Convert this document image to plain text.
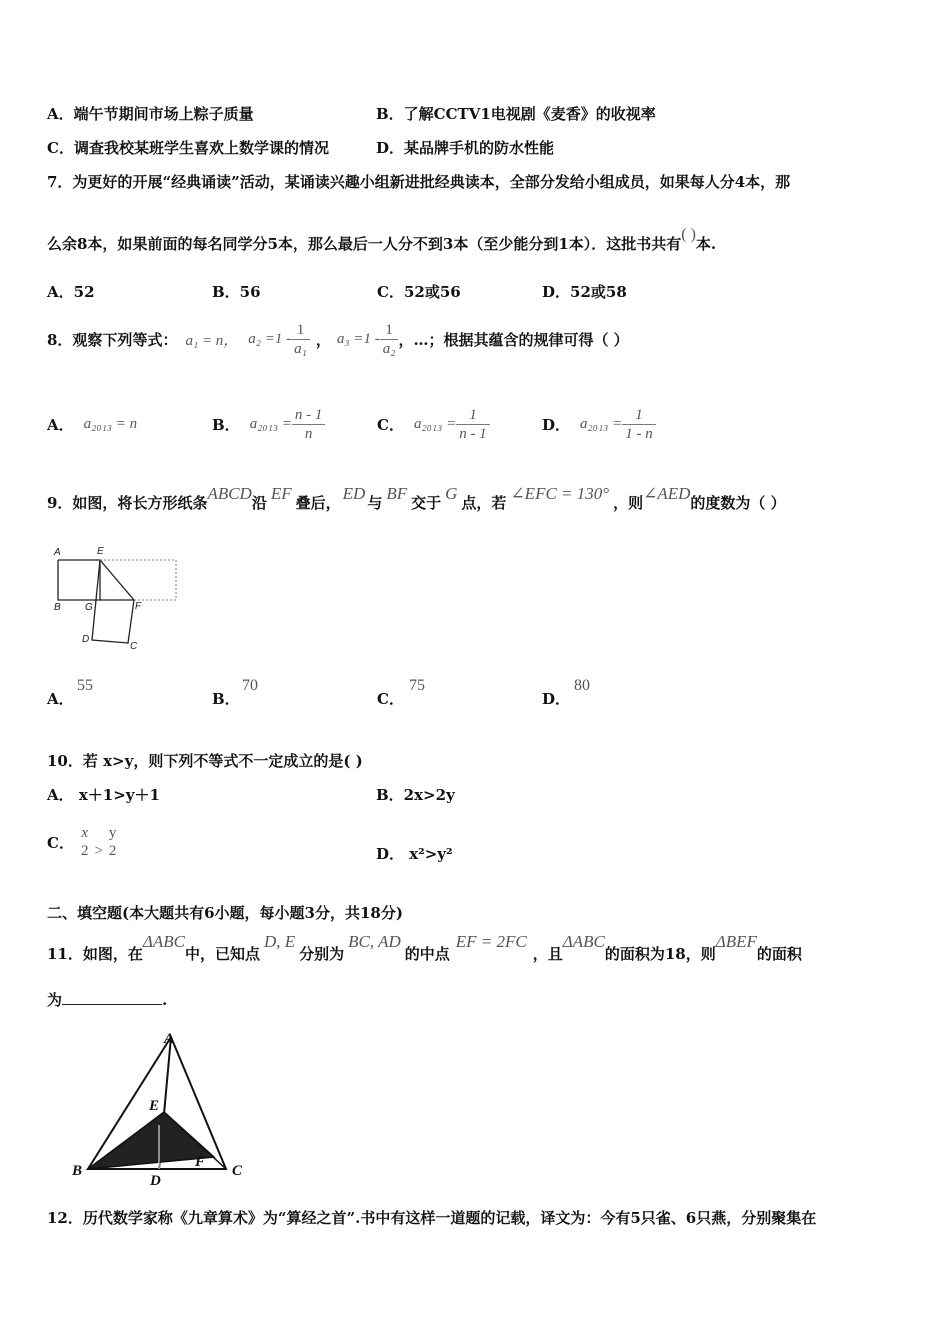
A．端午节期间市场上粽子质量	B．了解CCTV1电视剧《麦香》的收视率
C．调查我校某班学生喜欢上数学课的情况	D．某品牌手机的防水性能
7．为更好的开展“经典诵读”活动，某诵读兴趣小组新进批经典读本，全部分发给小组成员，如果每人分4本，那
么余8本，如果前面的每名同学分5本，那么最后一人分不到3本（至少能分到1本）．这批书共有( )本.
A．52	B．56	C．52或56	D．52或58
8．观察下列等式： a₁ = n， $a_2 =1 - \frac{1}{\text{a₁}}$ ， $a_3 =1 - \frac{1}{\text{a₂}}$ ，…；根据其蕴含的规律可得（ ）
A． a₂₀₁₃ = n	B． $a_{2013} = \frac{n - 1}{n}$	C． $a_{2013} = \frac{1}{n - 1}$	D． $a_{2013} = \frac{1}{1 - n}$
9．如图，将长方形纸条 ABCD 沿 EF 叠后， ED 与 BF 交于 G 点，若 ∠EFC = 130° ，则 ∠AED 的度数为（ ）
A	E
B G	F
D
C
A．
55
B．
70
C．
75
D．
80
10．若 x>y，则下列不等式不一定成立的是( )
A． x＋1>y＋1	B．2x>2y
C．
x
2 >
y
2	D． x²>y²
二、填空题(本大题共有6小题，每小题3分，共18分)
11．如图，在
ΔABC
中，已知点
D, E
分别为
BC, AD
的中点
EF = 2FC
，且
ΔABC
的面积为18，则
ΔBEF
的面积
为	.
A
E
B
D
F
C
12．历代数学家称《九章算术》为“算经之首”.书中有这样一道题的记载，译文为：今有5只雀、6只燕，分别聚集在
